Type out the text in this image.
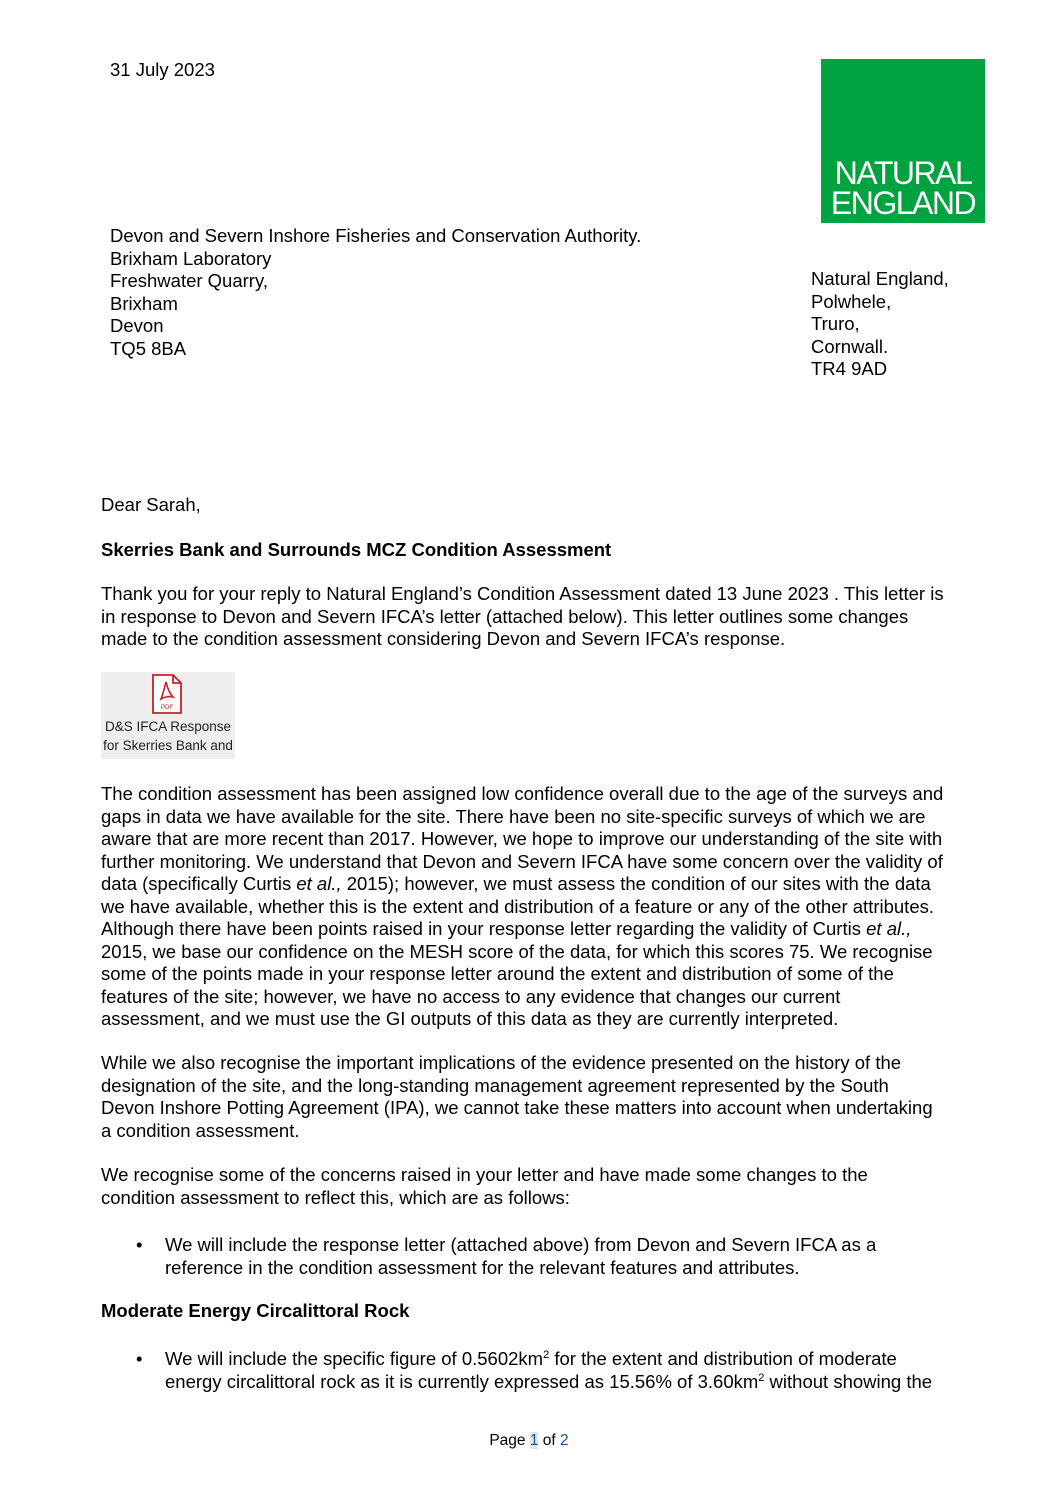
31 July 2023
NATURAL
ENGLAND
Devon and Severn Inshore Fisheries and Conservation Authority.
Brixham Laboratory
Freshwater Quarry,
Brixham
Devon
TQ5 8BA
Natural England,
Polwhele,
Truro,
Cornwall.
TR4 9AD
Dear Sarah,
Skerries Bank and Surrounds MCZ Condition Assessment
Thank you for your reply to Natural England’s Condition Assessment dated 13 June 2023 . This letter is
in response to Devon and Severn IFCA’s letter (attached below). This letter outlines some changes
made to the condition assessment considering Devon and Severn IFCA’s response.
PDF
D&S IFCA Response
for Skerries Bank and
The condition assessment has been assigned low confidence overall due to the age of the surveys and
gaps in data we have available for the site. There have been no site-specific surveys of which we are
aware that are more recent than 2017. However, we hope to improve our understanding of the site with
further monitoring. We understand that Devon and Severn IFCA have some concern over the validity of
data (specifically Curtis et al., 2015); however, we must assess the condition of our sites with the data
we have available, whether this is the extent and distribution of a feature or any of the other attributes.
Although there have been points raised in your response letter regarding the validity of Curtis et al.,
2015, we base our confidence on the MESH score of the data, for which this scores 75. We recognise
some of the points made in your response letter around the extent and distribution of some of the
features of the site; however, we have no access to any evidence that changes our current
assessment, and we must use the GI outputs of this data as they are currently interpreted.
While we also recognise the important implications of the evidence presented on the history of the
designation of the site, and the long-standing management agreement represented by the South
Devon Inshore Potting Agreement (IPA), we cannot take these matters into account when undertaking
a condition assessment.
We recognise some of the concerns raised in your letter and have made some changes to the
condition assessment to reflect this, which are as follows:
• We will include the response letter (attached above) from Devon and Severn IFCA as a
reference in the condition assessment for the relevant features and attributes.
Moderate Energy Circalittoral Rock
• We will include the specific figure of $0.5602km^2$ for the extent and distribution of moderate
energy circalittoral rock as it is currently expressed as 15.56% of $3.60km^2$ without showing the
Page 1 of 2
